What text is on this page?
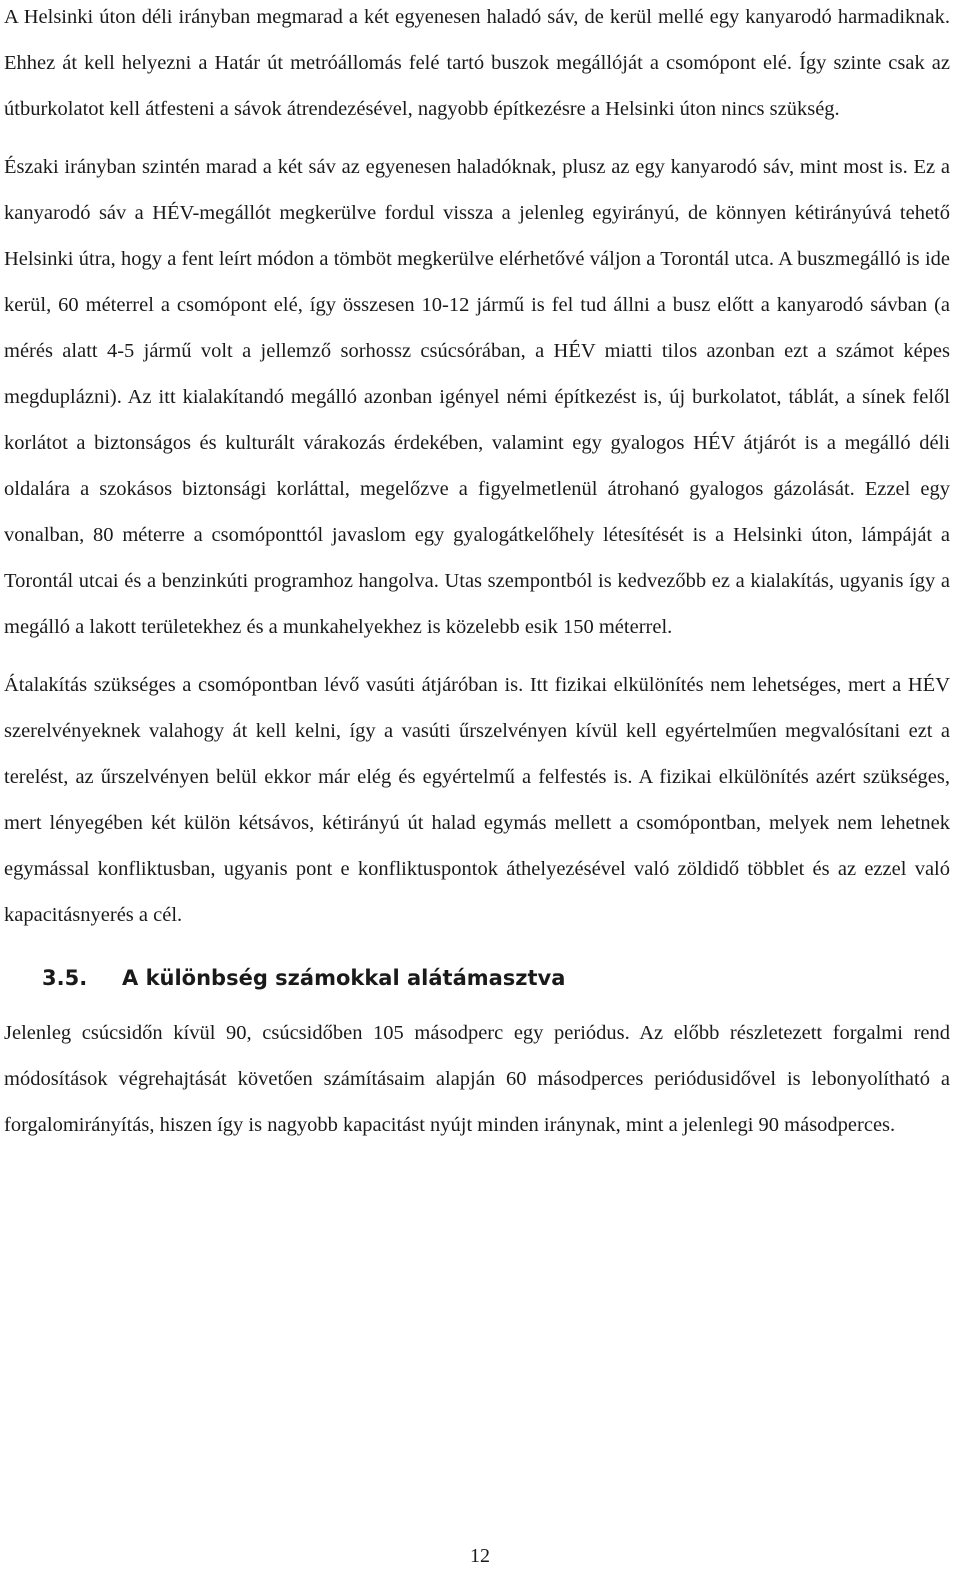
A Helsinki úton déli irányban megmarad a két egyenesen haladó sáv, de kerül mellé egy kanyarodó harmadiknak. Ehhez át kell helyezni a Határ út metróállomás felé tartó buszok megállóját a csomópont elé. Így szinte csak az útburkolatot kell átfesteni a sávok átrendezésével, nagyobb építkezésre a Helsinki úton nincs szükség.

Északi irányban szintén marad a két sáv az egyenesen haladóknak, plusz az egy kanyarodó sáv, mint most is. Ez a kanyarodó sáv a HÉV-megállót megkerülve fordul vissza a jelenleg egyirányú, de könnyen kétirányúvá tehető Helsinki útra, hogy a fent leírt módon a tömböt megkerülve elérhetővé váljon a Torontál utca. A buszmegálló is ide kerül, 60 méterrel a csomópont elé, így összesen 10-12 jármű is fel tud állni a busz előtt a kanyarodó sávban (a mérés alatt 4-5 jármű volt a jellemző sorhossz csúcsórában, a HÉV miatti tilos azonban ezt a számot képes megduplázni). Az itt kialakítandó megálló azonban igényel némi építkezést is, új burkolatot, táblát, a sínek felől korlátot a biztonságos és kulturált várakozás érdekében, valamint egy gyalogos HÉV átjárót is a megálló déli oldalára a szokásos biztonsági korláttal, megelőzve a figyelmetlenül átrohanó gyalogos gázolását. Ezzel egy vonalban, 80 méterre a csomóponttól javaslom egy gyalogátkelőhely létesítését is a Helsinki úton, lámpáját a Torontál utcai és a benzinkúti programhoz hangolva. Utas szempontból is kedvezőbb ez a kialakítás, ugyanis így a megálló a lakott területekhez és a munkahelyekhez is közelebb esik 150 méterrel.

Átalakítás szükséges a csomópontban lévő vasúti átjáróban is. Itt fizikai elkülönítés nem lehetséges, mert a HÉV szerelvényeknek valahogy át kell kelni, így a vasúti űrszelvényen kívül kell egyértelműen megvalósítani ezt a terelést, az űrszelvényen belül ekkor már elég és egyértelmű a felfestés is. A fizikai elkülönítés azért szükséges, mert lényegében két külön kétsávos, kétirányú út halad egymás mellett a csomópontban, melyek nem lehetnek egymással konfliktusban, ugyanis pont e konfliktuspontok áthelyezésével való zöldidő többlet és az ezzel való kapacitásnyerés a cél.

3.5. A különbség számokkal alátámasztva

Jelenleg csúcsidőn kívül 90, csúcsidőben 105 másodperc egy periódus. Az előbb részletezett forgalmi rend módosítások végrehajtását követően számításaim alapján 60 másodperces periódusidővel is lebonyolítható a forgalomirányítás, hiszen így is nagyobb kapacitást nyújt minden iránynak, mint a jelenlegi 90 másodperces.

12
